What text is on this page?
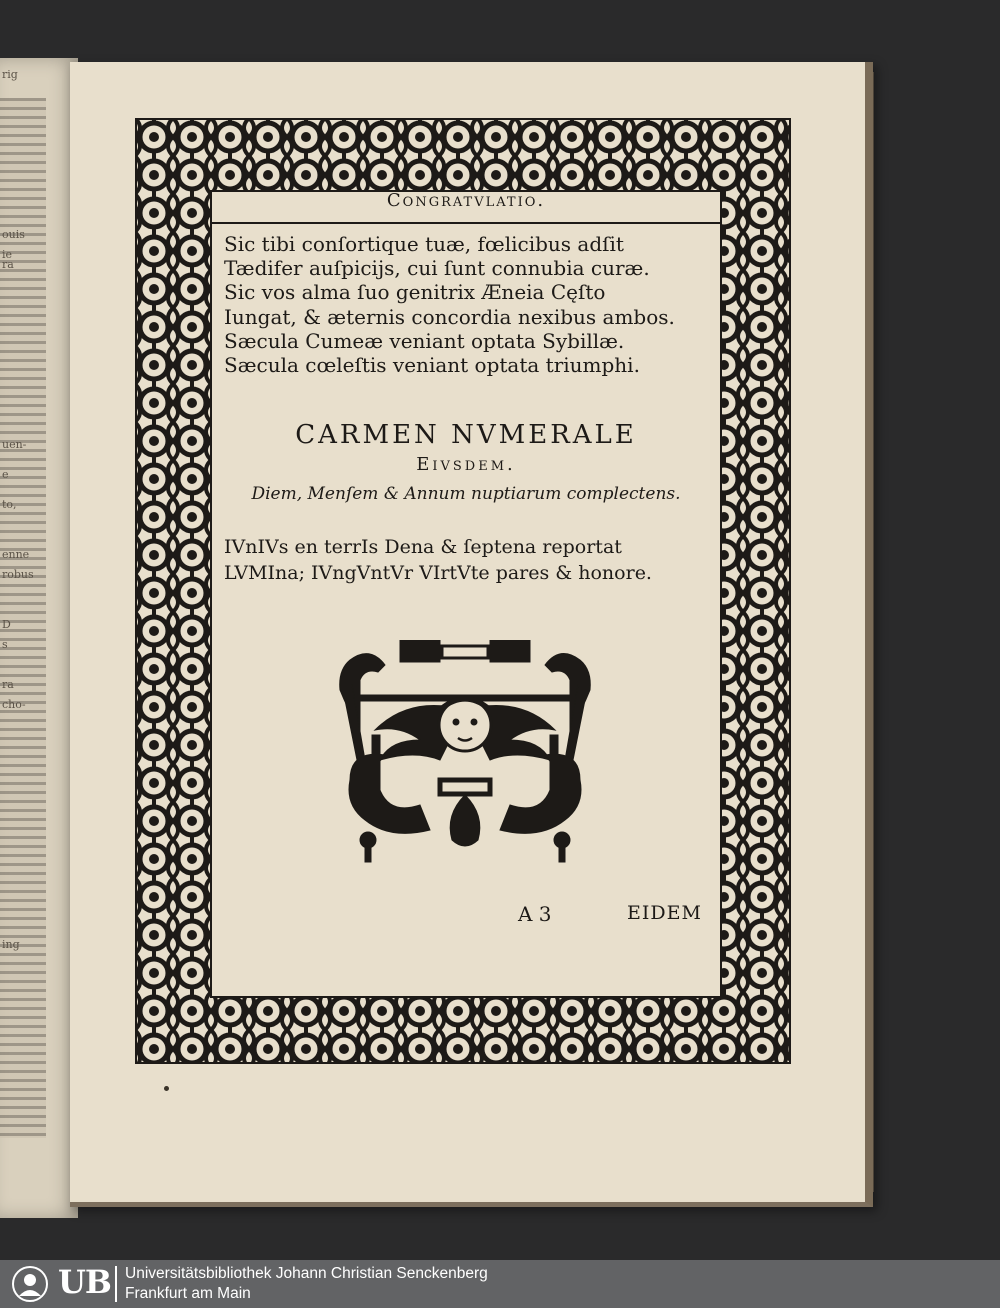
rig
ouis
ie
ra
uen-
e
to,
enne
robus
D
s
ra
cho-
ing
Congratvlatio.
Sic tibi conſortique tuæ, fœlicibus adſit
Tædifer auſpicijs, cui ſunt connubia curæ.
Sic vos alma ſuo genitrix Æneia Cęſto
Iungat, & æternis concordia nexibus ambos.
Sæcula Cumeæ veniant optata Sybillæ.
Sæcula cœleſtis veniant optata triumphi.
CARMEN NVMERALE
Eivsdem.
Diem, Menſem & Annum nuptiarum complectens.
IVnIVs en terrIs Dena & ſeptena reportat
LVMIna; IVngVntVr VIrtVte pares & honore.
A 3	EIDEM
UB Universitätsbibliothek Johann Christian Senckenberg
Frankfurt am Main
